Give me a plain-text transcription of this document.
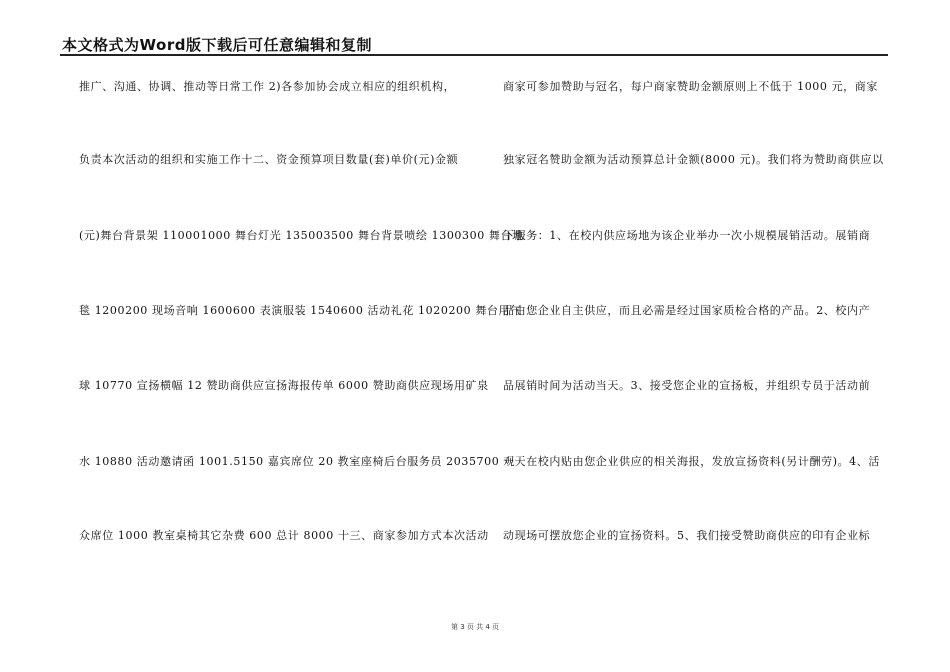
本文格式为Word版下载后可任意编辑和复制
推广、沟通、协调、推动等日常工作 2)各参加协会成立相应的组织机构，
负责本次活动的组织和实施工作十二、资金预算项目数量(套)单价(元)金额
(元)舞台背景架 110001000 舞台灯光 135003500 舞台背景喷绘 1300300 舞台地
毯 1200200 现场音响 1600600 表演服装 1540600 活动礼花 1020200 舞台用气
球 10770 宣扬横幅 12 赞助商供应宣扬海报传单 6000 赞助商供应现场用矿泉
水 10880 活动邀请函 1001.5150 嘉宾席位 20 教室座椅后台服务员 2035700 观
众席位 1000 教室桌椅其它杂费 600 总计 8000 十三、商家参加方式本次活动
商家可参加赞助与冠名，每户商家赞助金额原则上不低于 1000 元，商家
独家冠名赞助金额为活动预算总计金额(8000 元)。我们将为赞助商供应以
下服务：1、在校内供应场地为该企业举办一次小规模展销活动。展销商
品由您企业自主供应，而且必需是经过国家质检合格的产品。2、校内产
品展销时间为活动当天。3、接受您企业的宣扬板，并组织专员于活动前
一天在校内贴由您企业供应的相关海报，发放宣扬资料(另计酬劳)。4、活
动现场可摆放您企业的宣扬资料。5、我们接受赞助商供应的印有企业标
第 3 页 共 4 页
